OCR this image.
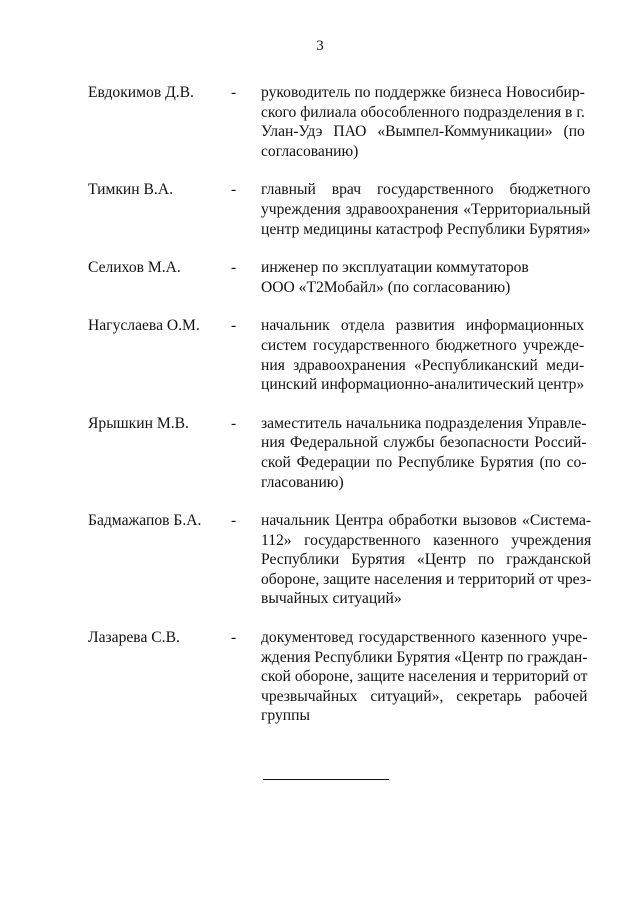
3
Евдокимов Д.В.	-	руководитель по поддержке бизнеса Новосибир-
ского филиала обособленного подразделения в г.
Улан-Удэ ПАО «Вымпел-Коммуникации» (по
согласованию)
Тимкин В.А.	-	главный врач государственного бюджетного
учреждения здравоохранения «Территориальный
центр медицины катастроф Республики Бурятия»
Селихов М.А.	-	инженер по эксплуатации коммутаторов
ООО «Т2Мобайл» (по согласованию)
Нагуслаева О.М.	-	начальник отдела развития информационных
систем государственного бюджетного учрежде-
ния здравоохранения «Республиканский меди-
цинский информационно-аналитический центр»
Ярышкин М.В.	-	заместитель начальника подразделения Управле-
ния Федеральной службы безопасности Россий-
ской Федерации по Республике Бурятия (по со-
гласованию)
Бадмажапов Б.А.	-	начальник Центра обработки вызовов «Система-
112» государственного казенного учреждения
Республики Бурятия «Центр по гражданской
обороне, защите населения и территорий от чрез-
вычайных ситуаций»
Лазарева С.В.	-	документовед государственного казенного учре-
ждения Республики Бурятия «Центр по граждан-
ской обороне, защите населения и территорий от
чрезвычайных ситуаций», секретарь рабочей
группы
